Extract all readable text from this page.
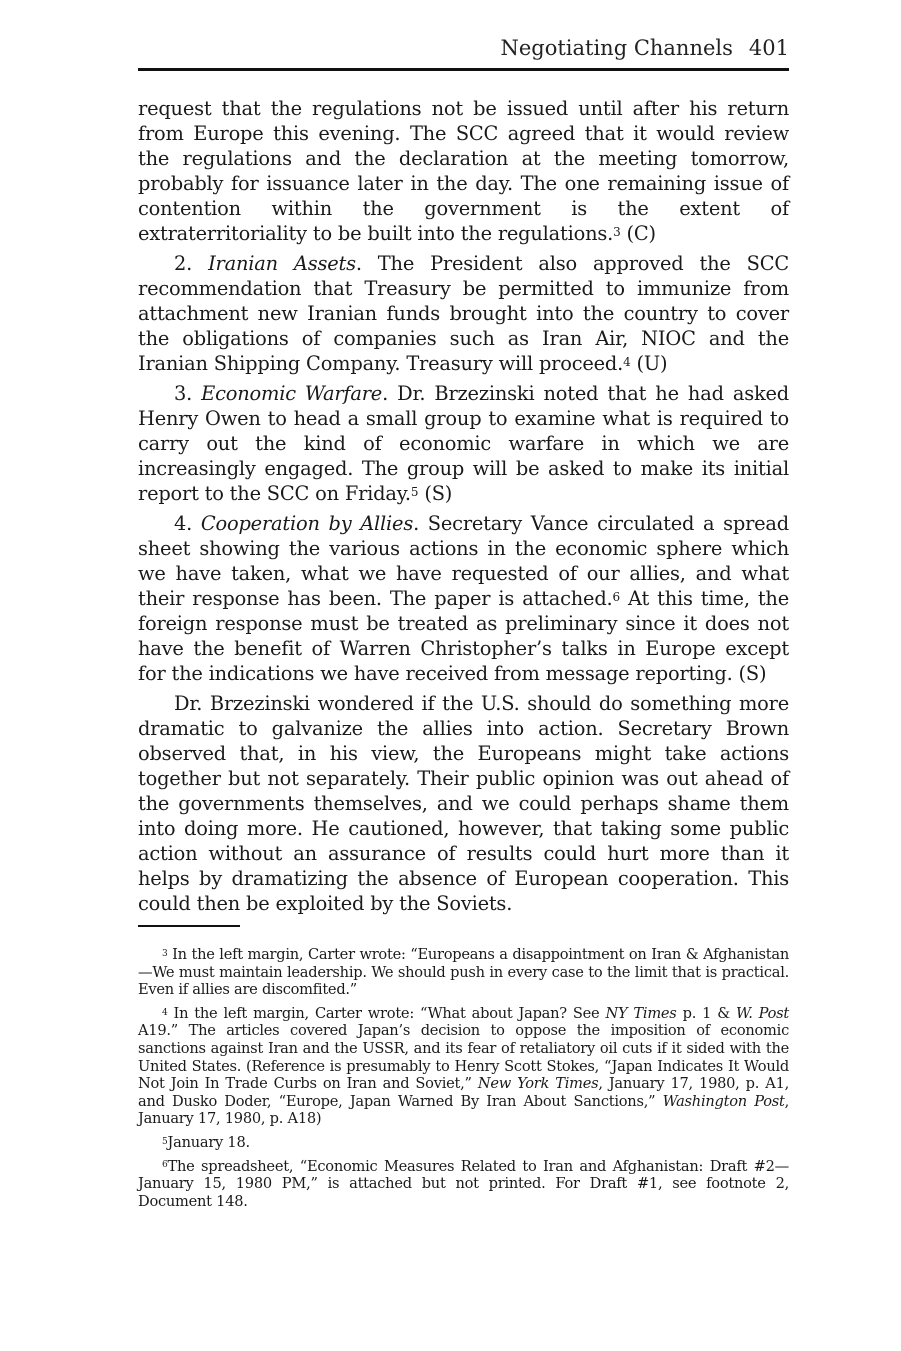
Negotiating Channels 401

request that the regulations not be issued until after his return from Europe this evening. The SCC agreed that it would review the regulations and the declaration at the meeting tomorrow, probably for issuance later in the day. The one remaining issue of contention within the government is the extent of extraterritoriality to be built into the regulations.$^3$ (C)

2. Iranian Assets. The President also approved the SCC recommendation that Treasury be permitted to immunize from attachment new Iranian funds brought into the country to cover the obligations of companies such as Iran Air, NIOC and the Iranian Shipping Company. Treasury will proceed.$^4$ (U)

3. Economic Warfare. Dr. Brzezinski noted that he had asked Henry Owen to head a small group to examine what is required to carry out the kind of economic warfare in which we are increasingly engaged. The group will be asked to make its initial report to the SCC on Friday.$^5$ (S)

4. Cooperation by Allies. Secretary Vance circulated a spread sheet showing the various actions in the economic sphere which we have taken, what we have requested of our allies, and what their response has been. The paper is attached.$^6$ At this time, the foreign response must be treated as preliminary since it does not have the benefit of Warren Christopher’s talks in Europe except for the indications we have received from message reporting. (S)

Dr. Brzezinski wondered if the U.S. should do something more dramatic to galvanize the allies into action. Secretary Brown observed that, in his view, the Europeans might take actions together but not separately. Their public opinion was out ahead of the governments themselves, and we could perhaps shame them into doing more. He cautioned, however, that taking some public action without an assurance of results could hurt more than it helps by dramatizing the absence of European cooperation. This could then be exploited by the Soviets.

$^3$ In the left margin, Carter wrote: “Europeans a disappointment on Iran & Afghanistan—We must maintain leadership. We should push in every case to the limit that is practical. Even if allies are discomfited.”

$^4$ In the left margin, Carter wrote: “What about Japan? See NY Times p. 1 & W. Post A19.” The articles covered Japan’s decision to oppose the imposition of economic sanctions against Iran and the USSR, and its fear of retaliatory oil cuts if it sided with the United States. (Reference is presumably to Henry Scott Stokes, “Japan Indicates It Would Not Join In Trade Curbs on Iran and Soviet,” New York Times, January 17, 1980, p. A1, and Dusko Doder, “Europe, Japan Warned By Iran About Sanctions,” Washington Post, January 17, 1980, p. A18)

$^5$January 18.

$^6$The spreadsheet, “Economic Measures Related to Iran and Afghanistan: Draft #2—January 15, 1980 PM,” is attached but not printed. For Draft #1, see footnote 2, Document 148.
